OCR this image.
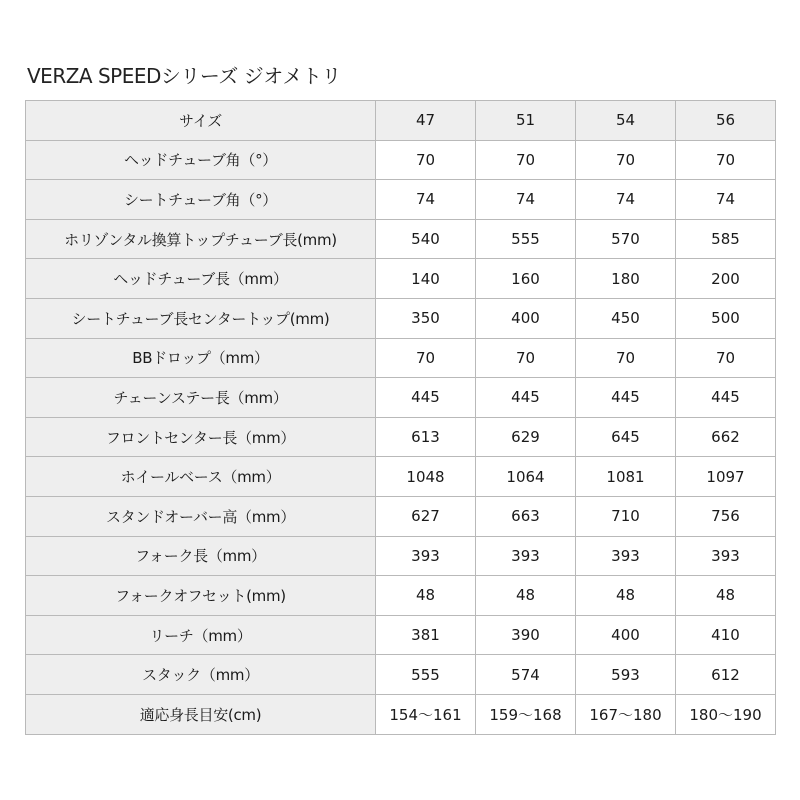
VERZA SPEEDシリーズ ジオメトリ
サイズ	47	51	54	56
ヘッドチューブ角（°）	70	70	70	70
シートチューブ角（°）	74	74	74	74
ホリゾンタル換算トップチューブ長(mm)	540	555	570	585
ヘッドチューブ長（mm）	140	160	180	200
シートチューブ長センタートップ(mm)	350	400	450	500
BBドロップ（mm）	70	70	70	70
チェーンステー長（mm）	445	445	445	445
フロントセンター長（mm）	613	629	645	662
ホイールベース（mm）	1048	1064	1081	1097
スタンドオーバー高（mm）	627	663	710	756
フォーク長（mm）	393	393	393	393
フォークオフセット(mm)	48	48	48	48
リーチ（mm）	381	390	400	410
スタック（mm）	555	574	593	612
適応身長目安(cm)	154〜161	159〜168	167〜180	180〜190
